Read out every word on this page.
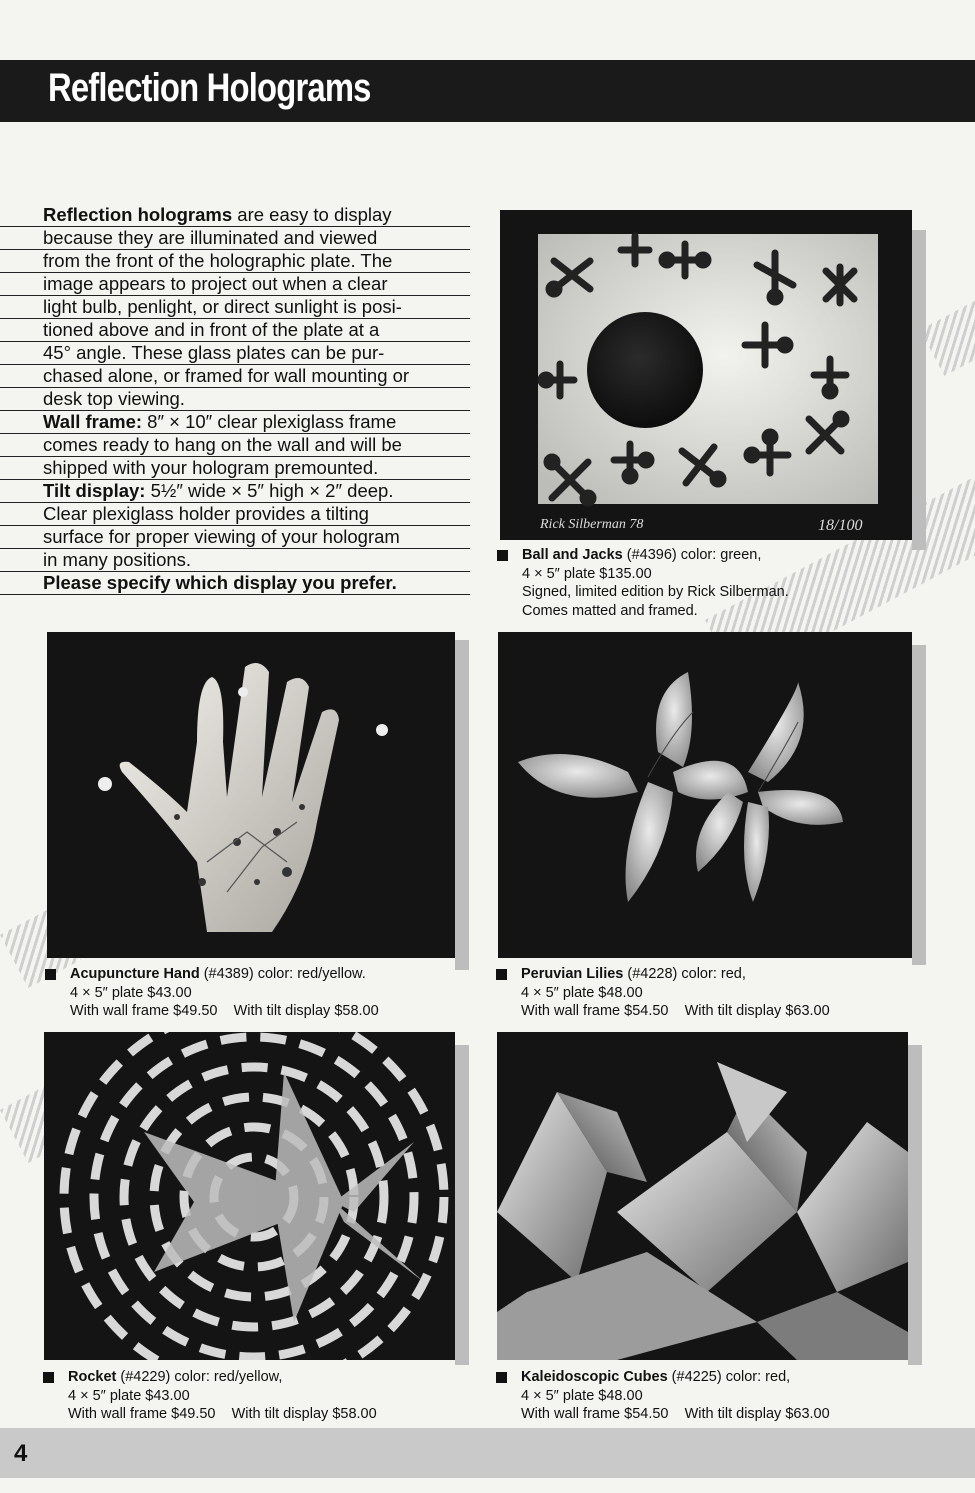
Reflection Holograms
Reflection holograms are easy to display
because they are illuminated and viewed
from the front of the holographic plate. The
image appears to project out when a clear
light bulb, penlight, or direct sunlight is posi-
tioned above and in front of the plate at a
45° angle. These glass plates can be pur-
chased alone, or framed for wall mounting or
desk top viewing.
Wall frame: 8″ × 10″ clear plexiglass frame
comes ready to hang on the wall and will be
shipped with your hologram premounted.
Tilt display: 5½″ wide × 5″ high × 2″ deep.
Clear plexiglass holder provides a tilting
surface for proper viewing of your hologram
in many positions.
Please specify which display you prefer.
Rick Silberman 78	18/100
Ball and Jacks (#4396) color: green,
4 × 5″ plate $135.00
Signed, limited edition by Rick Silberman.
Comes matted and framed.
Acupuncture Hand (#4389) color: red/yellow.
4 × 5″ plate $43.00
With wall frame $49.50    With tilt display $58.00
Peruvian Lilies (#4228) color: red,
4 × 5″ plate $48.00
With wall frame $54.50    With tilt display $63.00
Rocket (#4229) color: red/yellow,
4 × 5″ plate $43.00
With wall frame $49.50    With tilt display $58.00
Kaleidoscopic Cubes (#4225) color: red,
4 × 5″ plate $48.00
With wall frame $54.50    With tilt display $63.00
4
